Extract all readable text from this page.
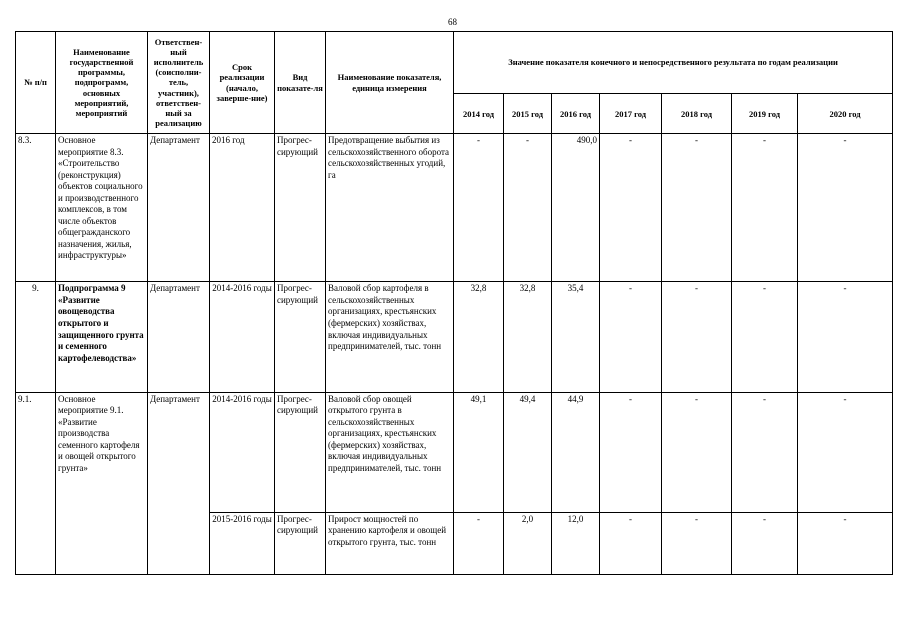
68
№ п/п	Наименование государственной программы, подпрограмм, основных мероприятий, мероприятий	Ответствен-ный исполнитель (соисполни-тель, участник), ответствен-ный за реализацию	Срок реализации (начало, заверше-ние)	Вид показате-ля	Наименование показателя, единица измерения	Значение показателя конечного и непосредственного результата по годам реализации						
						2014 год	2015 год	2016 год	2017 год	2018 год	2019 год	2020 год
8.3.	Основное мероприятие 8.3. «Строительство (реконструкция) объектов социального и производственного комплексов, в том числе объектов общегражданского назначения, жилья, инфраструктуры»	Департамент	2016 год	Прогрес-сирующий	Предотвращение выбытия из сельскохозяйственного оборота сельскохозяйственных угодий, га	-	-	490,0	-	-	-	-
9.	Подпрограмма 9 «Развитие овощеводства открытого и защищенного грунта и семенного картофелеводства»	Департамент	2014-2016 годы	Прогрес-сирующий	Валовой сбор картофеля в сельскохозяйственных организациях, крестьянских (фермерских) хозяйствах, включая индивидуальных предпринимателей, тыс. тонн	32,8	32,8	35,4	-	-	-	-
9.1.	Основное мероприятие 9.1. «Развитие производства семенного картофеля и овощей открытого грунта»	Департамент	2014-2016 годы	Прогрес-сирующий	Валовой сбор овощей открытого грунта в сельскохозяйственных организациях, крестьянских (фермерских) хозяйствах, включая индивидуальных предпринимателей, тыс. тонн	49,1	49,4	44,9	-	-	-	-
			2015-2016 годы	Прогрес-сирующий	Прирост мощностей по хранению картофеля и овощей открытого грунта, тыс. тонн	-	2,0	12,0	-	-	-	-
